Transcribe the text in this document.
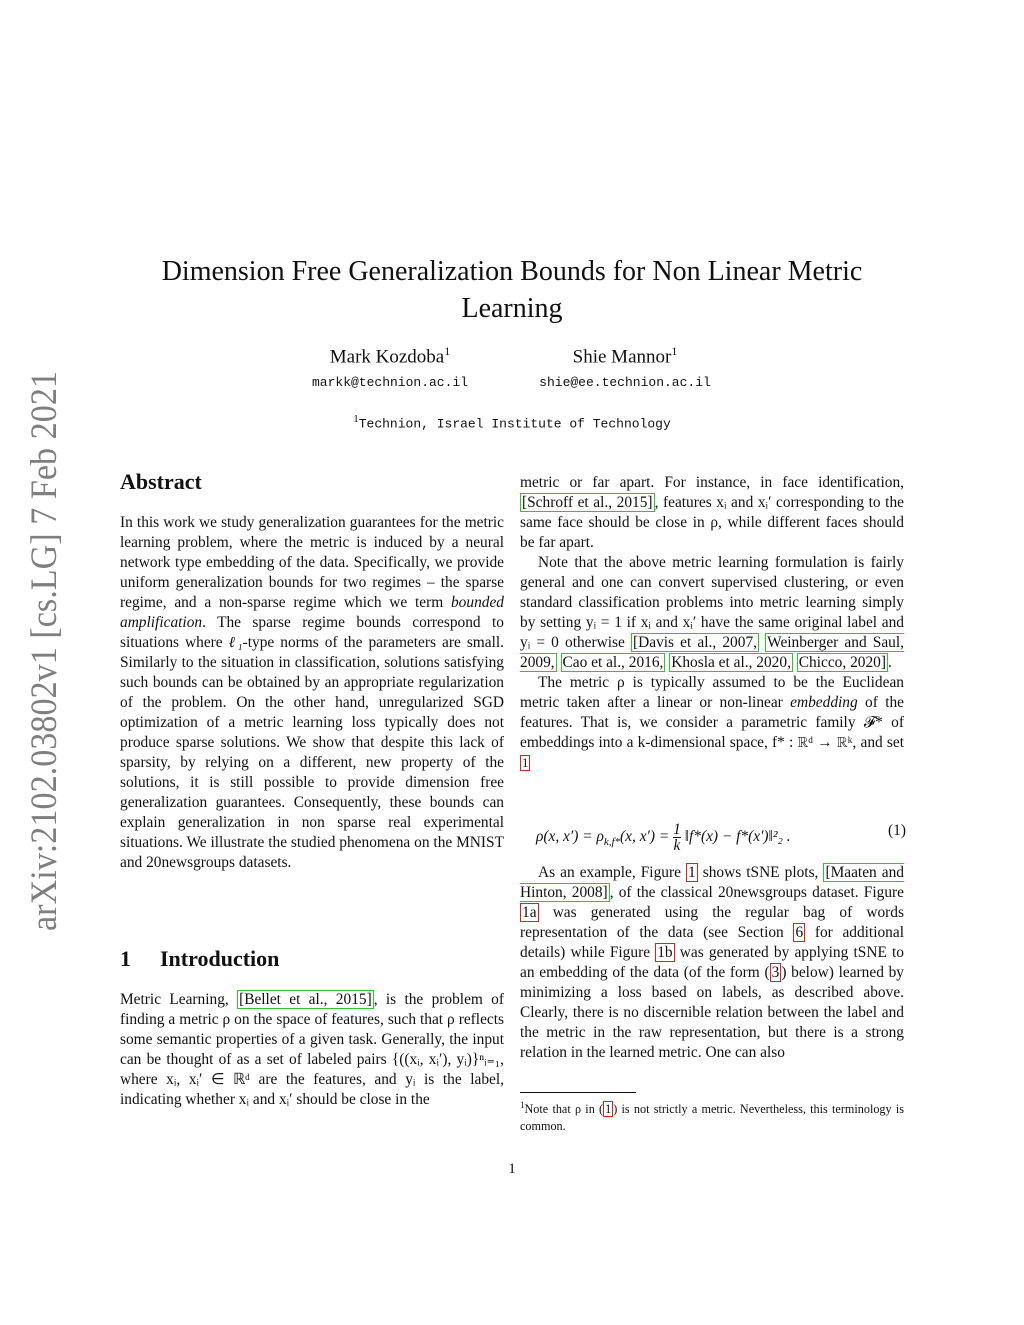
arXiv:2102.03802v1 [cs.LG] 7 Feb 2021
Dimension Free Generalization Bounds for Non Linear Metric Learning
Mark Kozdoba$^1$
markk@technion.ac.il
Shie Mannor$^1$
shie@ee.technion.ac.il
$^1$Technion, Israel Institute of Technology
Abstract

In this work we study generalization guarantees for the metric learning problem, where the metric is induced by a neural network type embedding of the data. Specifically, we provide uniform generalization bounds for two regimes – the sparse regime, and a non-sparse regime which we term bounded amplification. The sparse regime bounds correspond to situations where ℓ₁-type norms of the parameters are small. Similarly to the situation in classification, solutions satisfying such bounds can be obtained by an appropriate regularization of the problem. On the other hand, unregularized SGD optimization of a metric learning loss typically does not produce sparse solutions. We show that despite this lack of sparsity, by relying on a different, new property of the solutions, it is still possible to provide dimension free generalization guarantees. Consequently, these bounds can explain generalization in non sparse real experimental situations. We illustrate the studied phenomena on the MNIST and 20newsgroups datasets.

1 Introduction

Metric Learning, [Bellet et al., 2015] , is the problem of finding a metric ρ on the space of features, such that ρ reflects some semantic properties of a given task. Generally, the input can be thought of as a set of labeled pairs {((xᵢ, xᵢ′), yᵢ)}ⁿᵢ₌₁, where xᵢ, xᵢ′ ∈ ℝᵈ are the features, and yᵢ is the label, indicating whether xᵢ and xᵢ′ should be close in the

metric or far apart. For instance, in face identification, [Schroff et al., 2015] , features xᵢ and xᵢ′ corresponding to the same face should be close in ρ, while different faces should be far apart.

Note that the above metric learning formulation is fairly general and one can convert supervised clustering, or even standard classification problems into metric learning simply by setting yᵢ = 1 if xᵢ and xᵢ′ have the same original label and yᵢ = 0 otherwise [Davis et al., 2007, Weinberger and Saul, 2009, Cao et al., 2016, Khosla et al., 2020, Chicco, 2020] .

The metric ρ is typically assumed to be the Euclidean metric taken after a linear or non-linear embedding of the features. That is, we consider a parametric family 𝓕* of embeddings into a k-dimensional space, f* : ℝᵈ → ℝᵏ, and set $^1$

ρ(x, $x') = \rho_{k,f*}(x$, $x') = \frac{1}{k}$ ‖f*(x) − f*(x′)‖²₂ .	(1)

As an example, Figure 1 shows tSNE plots, [Maaten and Hinton, 2008] , of the classical 20newsgroups dataset. Figure 1a was generated using the regular bag of words representation of the data (see Section 6 for additional details) while Figure 1b was generated by applying tSNE to an embedding of the data (of the form ( 3 ) below) learned by minimizing a loss based on labels, as described above. Clearly, there is no discernible relation between the label and the metric in the raw representation, but there is a strong relation in the learned metric. One can also

$^1$Note that ρ in ( 1 ) is not strictly a metric. Nevertheless, this terminology is common.
1
